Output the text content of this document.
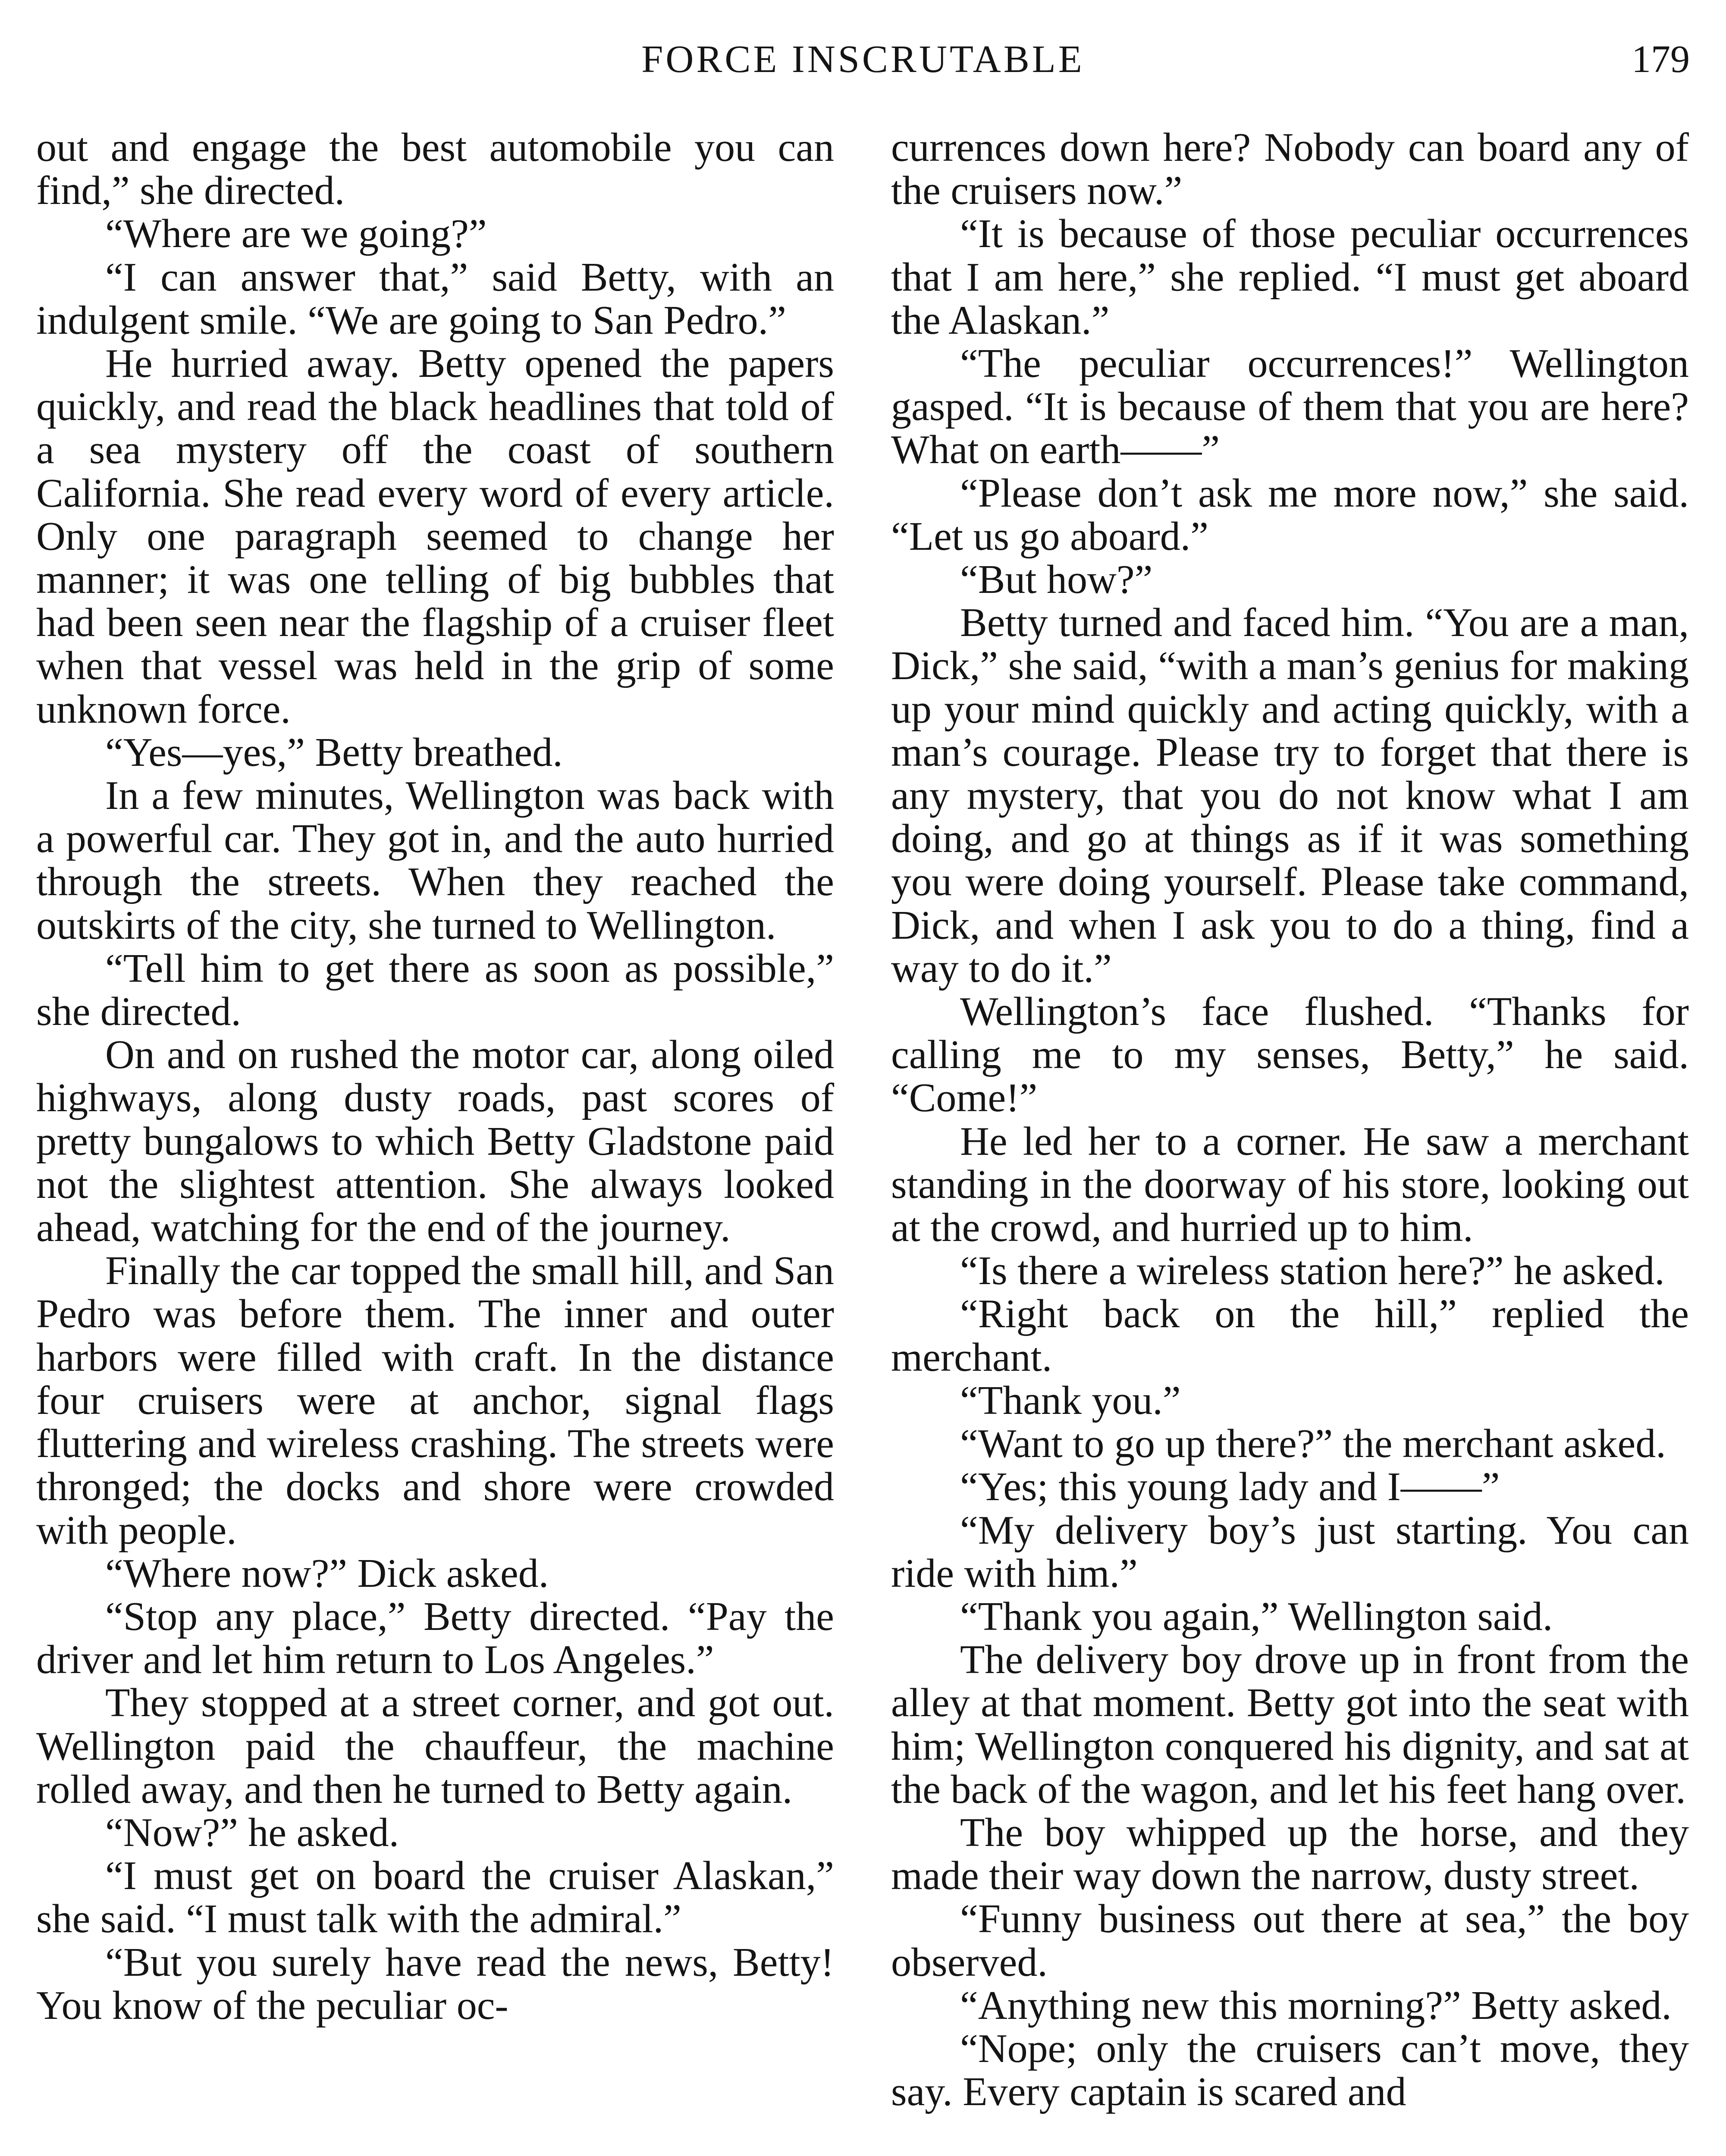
FORCE INSCRUTABLE	179

out and engage the best automobile you can find,” she directed.

“Where are we going?”

“I can answer that,” said Betty, with an indulgent smile. “We are going to San Pedro.”

He hurried away. Betty opened the papers quickly, and read the black headlines that told of a sea mystery off the coast of southern California. She read every word of every article. Only one paragraph seemed to change her manner; it was one telling of big bubbles that had been seen near the flagship of a cruiser fleet when that vessel was held in the grip of some unknown force.

“Yes—yes,” Betty breathed.

In a few minutes, Wellington was back with a powerful car. They got in, and the auto hurried through the streets. When they reached the outskirts of the city, she turned to Wellington.

“Tell him to get there as soon as possible,” she directed.

On and on rushed the motor car, along oiled highways, along dusty roads, past scores of pretty bungalows to which Betty Gladstone paid not the slightest attention. She always looked ahead, watching for the end of the journey.

Finally the car topped the small hill, and San Pedro was before them. The inner and outer harbors were filled with craft. In the distance four cruisers were at anchor, signal flags fluttering and wireless crashing. The streets were thronged; the docks and shore were crowded with people.

“Where now?” Dick asked.

“Stop any place,” Betty directed. “Pay the driver and let him return to Los Angeles.”

They stopped at a street corner, and got out. Wellington paid the chauffeur, the machine rolled away, and then he turned to Betty again.

“Now?” he asked.

“I must get on board the cruiser Alaskan,” she said. “I must talk with the admiral.”

“But you surely have read the news, Betty! You know of the peculiar oc-

currences down here? Nobody can board any of the cruisers now.”

“It is because of those peculiar occurrences that I am here,” she replied. “I must get aboard the Alaskan.”

“The peculiar occurrences!” Wellington gasped. “It is because of them that you are here? What on earth——”

“Please don’t ask me more now,” she said. “Let us go aboard.”

“But how?”

Betty turned and faced him. “You are a man, Dick,” she said, “with a man’s genius for making up your mind quickly and acting quickly, with a man’s courage. Please try to forget that there is any mystery, that you do not know what I am doing, and go at things as if it was something you were doing yourself. Please take command, Dick, and when I ask you to do a thing, find a way to do it.”

Wellington’s face flushed. “Thanks for calling me to my senses, Betty,” he said. “Come!”

He led her to a corner. He saw a merchant standing in the doorway of his store, looking out at the crowd, and hurried up to him.

“Is there a wireless station here?” he asked.

“Right back on the hill,” replied the merchant.

“Thank you.”

“Want to go up there?” the merchant asked.

“Yes; this young lady and I——”

“My delivery boy’s just starting. You can ride with him.”

“Thank you again,” Wellington said.

The delivery boy drove up in front from the alley at that moment. Betty got into the seat with him; Wellington conquered his dignity, and sat at the back of the wagon, and let his feet hang over.

The boy whipped up the horse, and they made their way down the narrow, dusty street.

“Funny business out there at sea,” the boy observed.

“Anything new this morning?” Betty asked.

“Nope; only the cruisers can’t move, they say. Every captain is scared and
